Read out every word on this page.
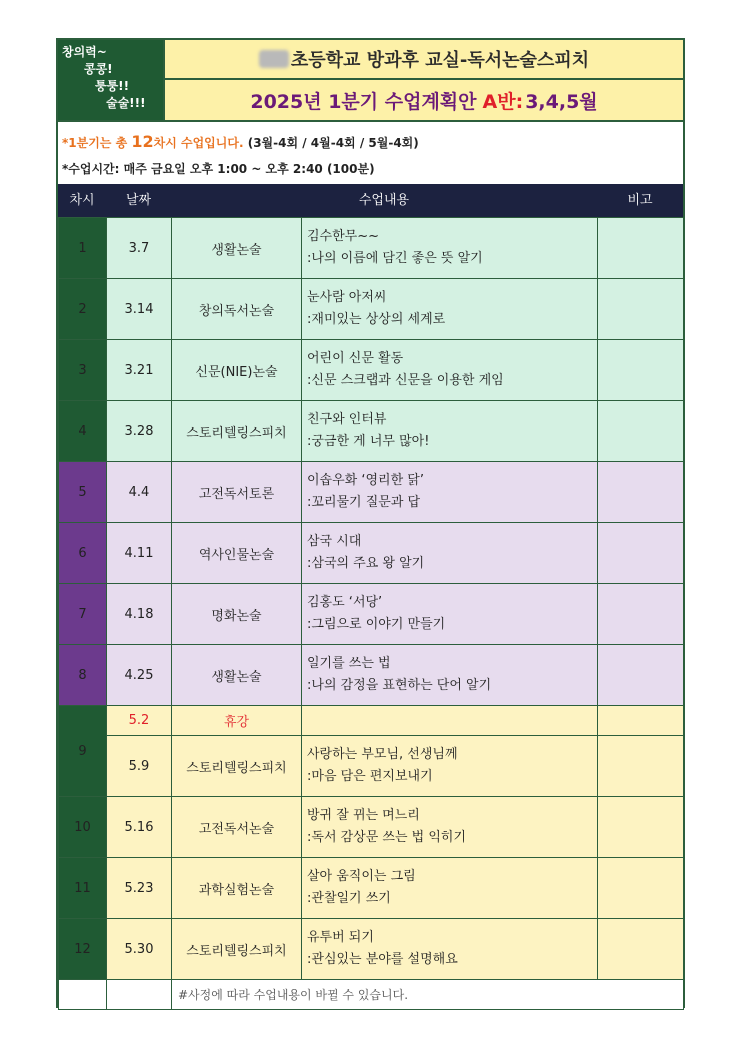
창의력~
콩콩!
퉁퉁!!
술술!!!
초등학교 방과후 교실-독서논술스피치
2025년 1분기 수업계획안 A반: 3,4,5월
*1분기는 총 12차시 수업입니다. (3월-4회 / 4월-4회 / 5월-4회)
*수업시간: 매주 금요일 오후 1:00 ~ 오후 2:40 (100분)
차시	날짜	수업내용	비고
1	3.7	생활논술	김수한무~~
:나의 이름에 담긴 좋은 뜻 알기	

2	3.14	창의독서논술	눈사람 아저씨
:재미있는 상상의 세계로	

3	3.21	신문(NIE)논술	어린이 신문 활동
:신문 스크랩과 신문을 이용한 게임	

4	3.28	스토리텔링스피치	친구와 인터뷰
:궁금한 게 너무 많아!	

5	4.4	고전독서토론	이솝우화 ‘영리한 닭’
:꼬리물기 질문과 답	

6	4.11	역사인물논술	삼국 시대
:삼국의 주요 왕 알기	

7	4.18	명화논술	김홍도 ‘서당’
:그림으로 이야기 만들기	

8	4.25	생활논술	일기를 쓰는 법
:나의 감정을 표현하는 단어 알기	

9	5.2	휴강		
	5.9	스토리텔링스피치	사랑하는 부모님, 선생님께
:마음 담은 편지보내기	

10	5.16	고전독서논술	방귀 잘 뀌는 며느리
:독서 감상문 쓰는 법 익히기	

11	5.23	과학실험논술	살아 움직이는 그림
:관찰일기 쓰기	

12	5.30	스토리텔링스피치	유투버 되기
:관심있는 분야를 설명해요	

		#사정에 따라 수업내용이 바뀔 수 있습니다.		
